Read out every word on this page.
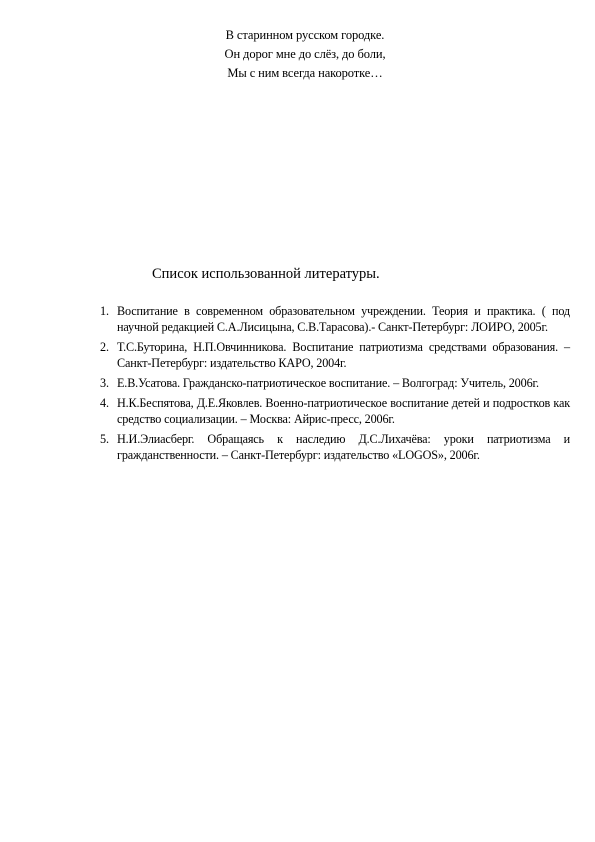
В старинном русском городке.
Он дорог мне до слёз, до боли,
Мы с ним всегда накоротке…
Список использованной литературы.
1. Воспитание в современном образовательном учреждении. Теория и практика. ( под научной редакцией С.А.Лисицына, С.В.Тарасова).- Санкт-Петербург: ЛОИРО, 2005г.
2. Т.С.Буторина, Н.П.Овчинникова. Воспитание патриотизма средствами образования. – Санкт-Петербург: издательство КАРО, 2004г.
3. Е.В.Усатова. Гражданско-патриотическое воспитание. – Волгоград: Учитель, 2006г.
4. Н.К.Беспятова, Д.Е.Яковлев. Военно-патриотическое воспитание детей и подростков как средство социализации. – Москва: Айрис-пресс, 2006г.
5. Н.И.Элиасберг. Обращаясь к наследию Д.С.Лихачёва: уроки патриотизма и гражданственности. – Санкт-Петербург: издательство «LOGOS», 2006г.
